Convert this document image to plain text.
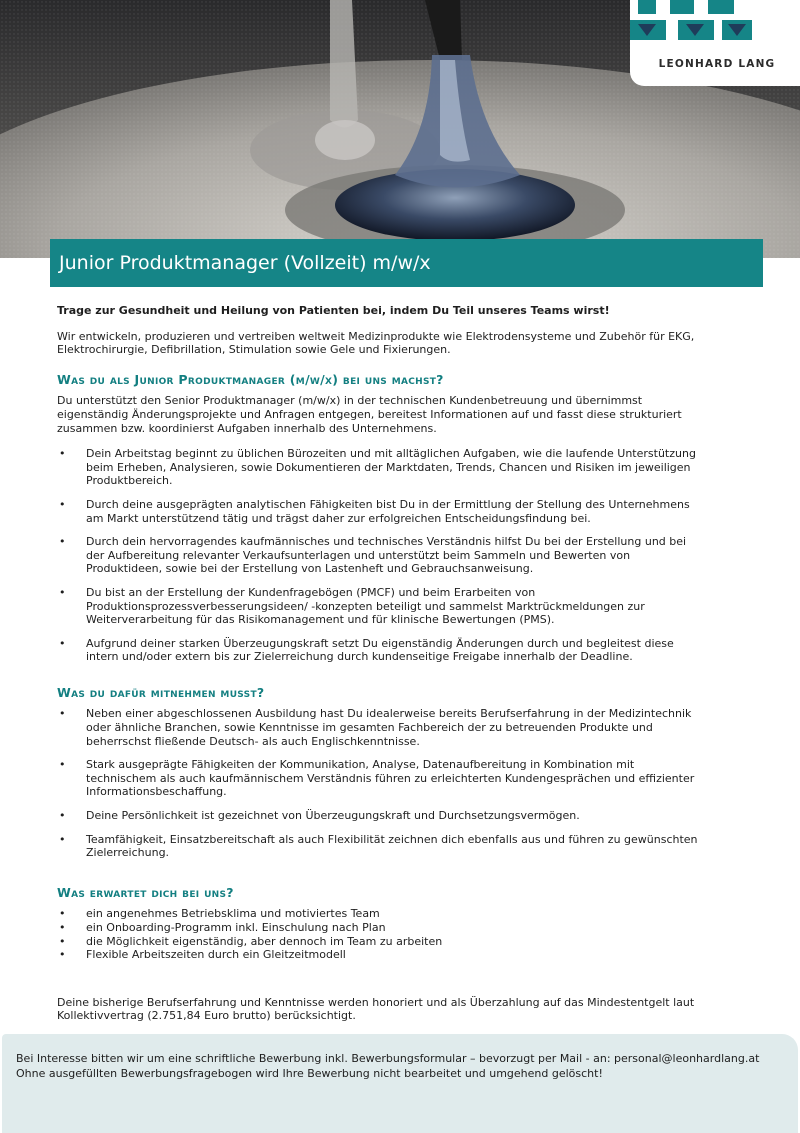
LEONHARD LANG
Junior Produktmanager (Vollzeit) m/w/x

Trage zur Gesundheit und Heilung von Patienten bei, indem Du Teil unseres Teams wirst!

Wir entwickeln, produzieren und vertreiben weltweit Medizinprodukte wie Elektrodensysteme und Zubehör für EKG, Elektrochirurgie, Defibrillation, Stimulation sowie Gele und Fixierungen.

Was du als Junior Produktmanager (m/w/x) bei uns machst?

Du unterstützt den Senior Produktmanager (m/w/x) in der technischen Kundenbetreuung und übernimmst eigenständig Änderungsprojekte und Anfragen entgegen, bereitest Informationen auf und fasst diese strukturiert zusammen bzw. koordinierst Aufgaben innerhalb des Unternehmens.

• Dein Arbeitstag beginnt zu üblichen Bürozeiten und mit alltäglichen Aufgaben, wie die laufende Unterstützung beim Erheben, Analysieren, sowie Dokumentieren der Marktdaten, Trends, Chancen und Risiken im jeweiligen Produktbereich.
• Durch deine ausgeprägten analytischen Fähigkeiten bist Du in der Ermittlung der Stellung des Unternehmens am Markt unterstützend tätig und trägst daher zur erfolgreichen Entscheidungsfindung bei.
• Durch dein hervorragendes kaufmännisches und technisches Verständnis hilfst Du bei der Erstellung und bei der Aufbereitung relevanter Verkaufsunterlagen und unterstützt beim Sammeln und Bewerten von Produktideen, sowie bei der Erstellung von Lastenheft und Gebrauchsanweisung.
• Du bist an der Erstellung der Kundenfragebögen (PMCF) und beim Erarbeiten von Produktionsprozessverbesserungsideen/ -konzepten beteiligt und sammelst Marktrückmeldungen zur Weiterverarbeitung für das Risikomanagement und für klinische Bewertungen (PMS).
• Aufgrund deiner starken Überzeugungskraft setzt Du eigenständig Änderungen durch und begleitest diese intern und/oder extern bis zur Zielerreichung durch kundenseitige Freigabe innerhalb der Deadline.
Was du dafür mitnehmen musst?
• Neben einer abgeschlossenen Ausbildung hast Du idealerweise bereits Berufserfahrung in der Medizintechnik oder ähnliche Branchen, sowie Kenntnisse im gesamten Fachbereich der zu betreuenden Produkte und beherrschst fließende Deutsch- als auch Englischkenntnisse.
• Stark ausgeprägte Fähigkeiten der Kommunikation, Analyse, Datenaufbereitung in Kombination mit technischem als auch kaufmännischem Verständnis führen zu erleichterten Kundengesprächen und effizienter Informationsbeschaffung.
• Deine Persönlichkeit ist gezeichnet von Überzeugungskraft und Durchsetzungsvermögen.
• Teamfähigkeit, Einsatzbereitschaft als auch Flexibilität zeichnen dich ebenfalls aus und führen zu gewünschten Zielerreichung.
Was erwartet dich bei uns?
• ein angenehmes Betriebsklima und motiviertes Team
• ein Onboarding-Programm inkl. Einschulung nach Plan
• die Möglichkeit eigenständig, aber dennoch im Team zu arbeiten
• Flexible Arbeitszeiten durch ein Gleitzeitmodell

Deine bisherige Berufserfahrung und Kenntnisse werden honoriert und als Überzahlung auf das Mindestentgelt laut Kollektivvertrag (2.751,84 Euro brutto) berücksichtigt.

Bei Interesse bitten wir um eine schriftliche Bewerbung inkl. Bewerbungsformular – bevorzugt per Mail - an: personal@leonhardlang.at
Ohne ausgefüllten Bewerbungsfragebogen wird Ihre Bewerbung nicht bearbeitet und umgehend gelöscht!
